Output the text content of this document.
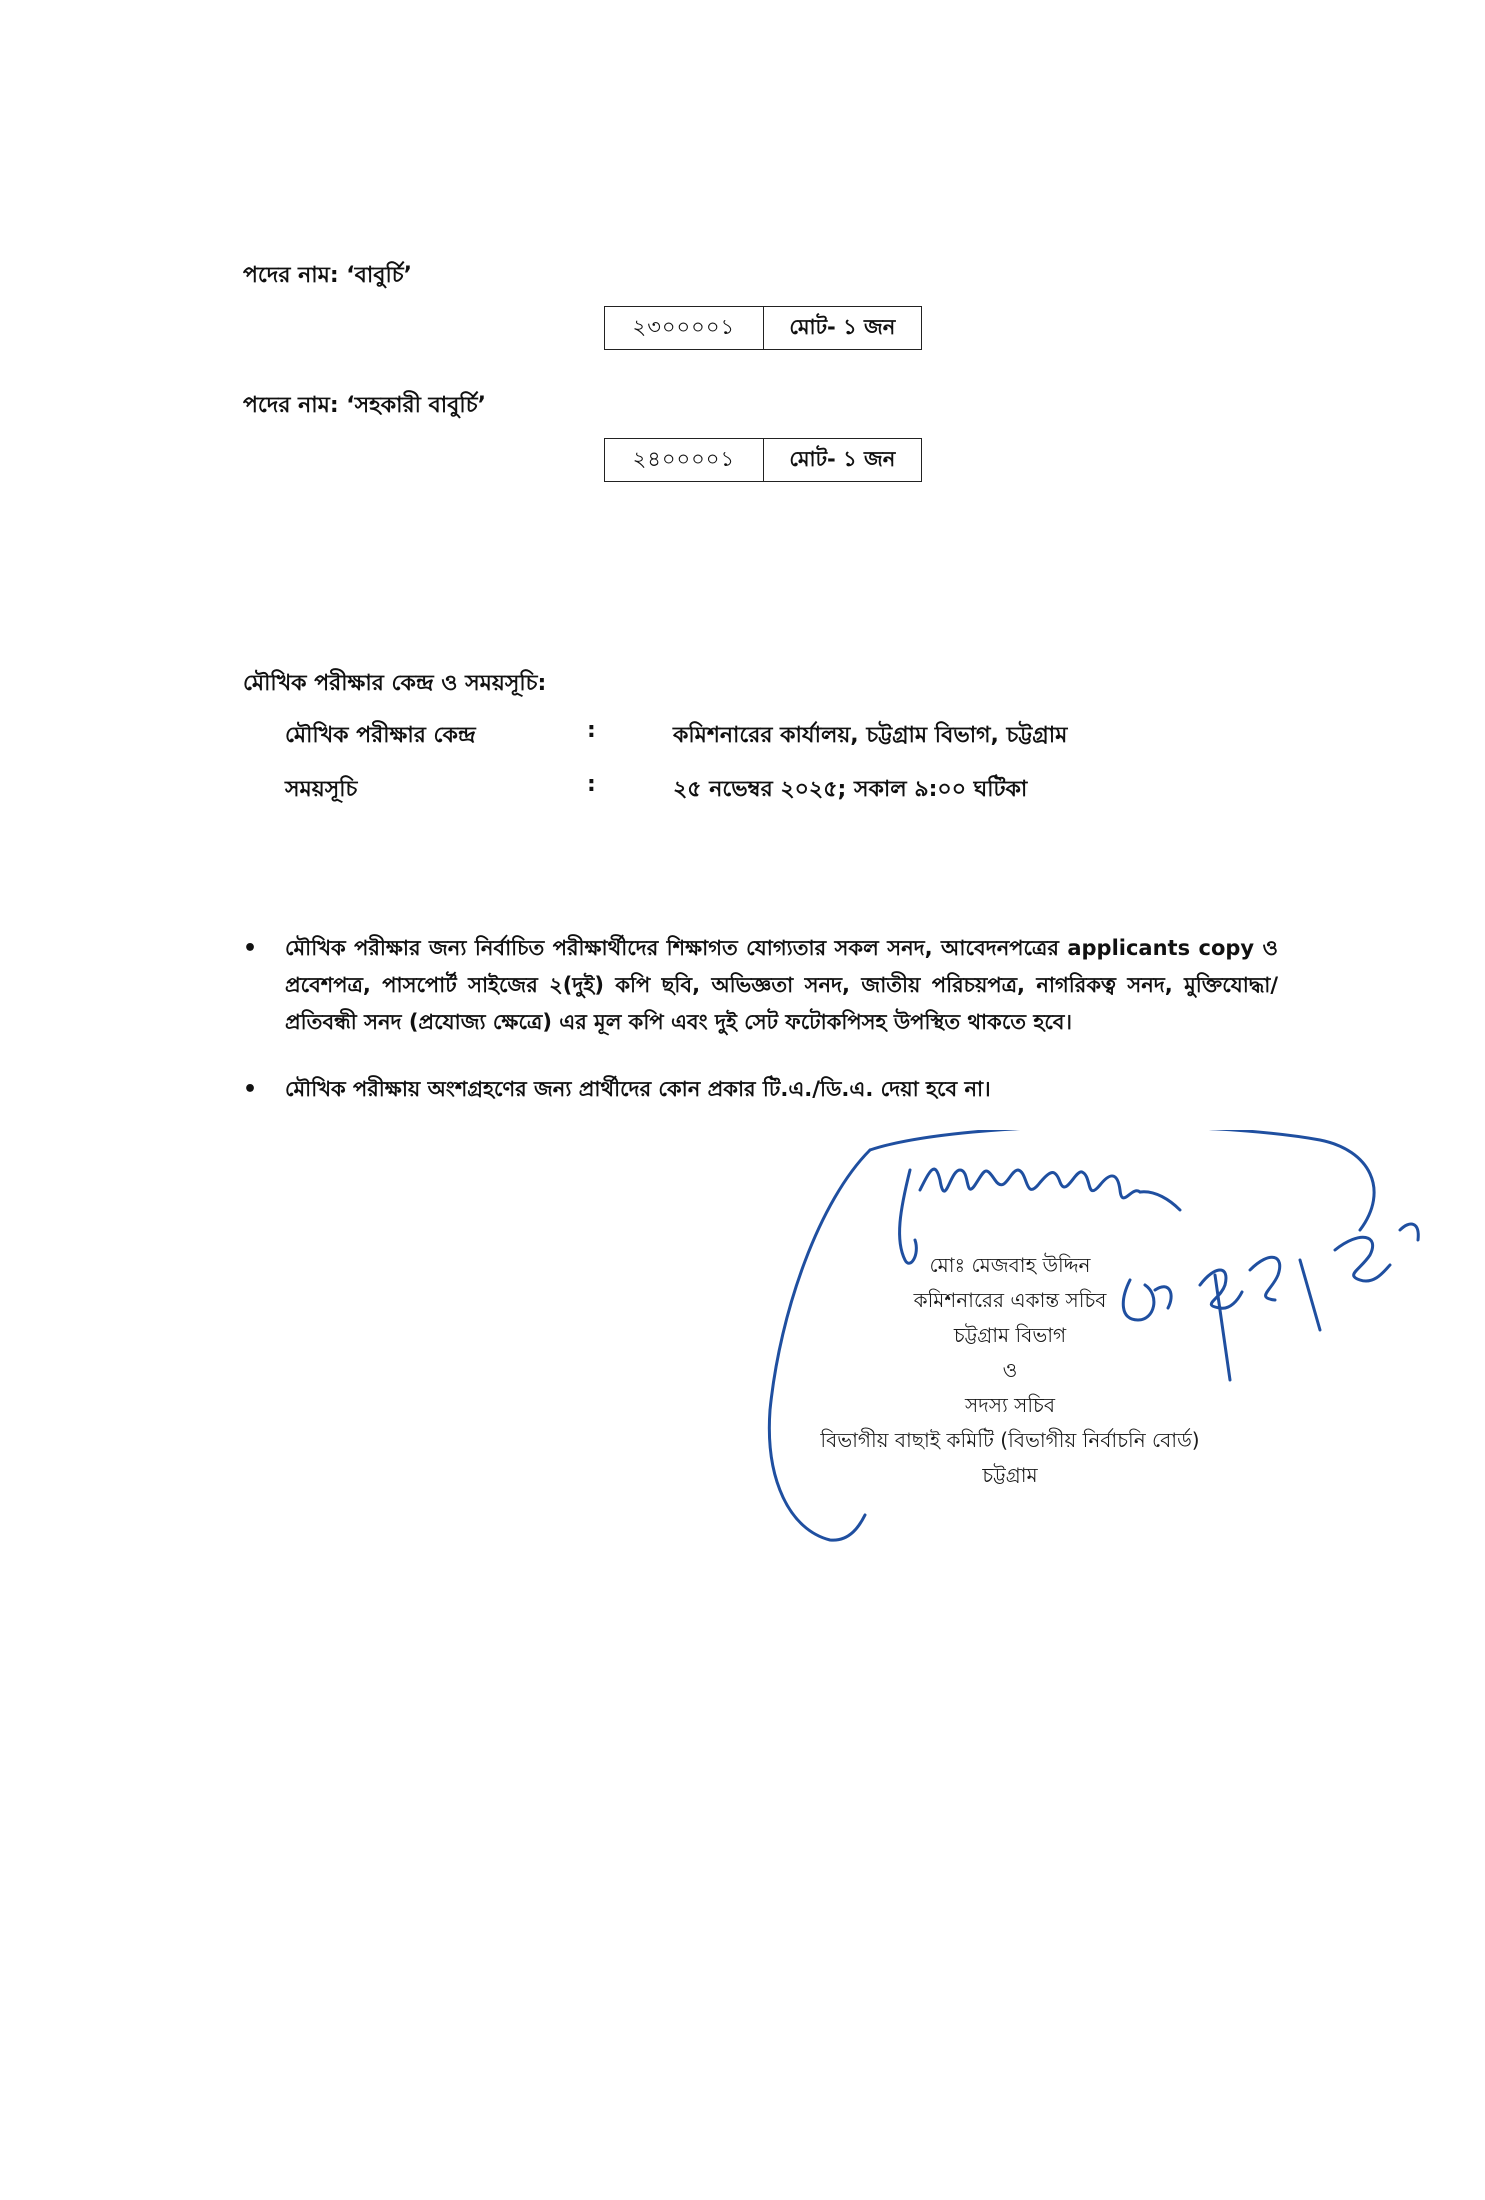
পদের নাম: ‘বাবুর্চি’
২৩০০০০১	মোট- ১ জন
পদের নাম: ‘সহকারী বাবুর্চি’
২৪০০০০১	মোট- ১ জন
মৌখিক পরীক্ষার কেন্দ্র ও সময়সূচি:
মৌখিক পরীক্ষার কেন্দ্র	:	কমিশনারের কার্যালয়, চট্টগ্রাম বিভাগ, চট্টগ্রাম
সময়সূচি	:	২৫ নভেম্বর ২০২৫; সকাল ৯:০০ ঘটিকা
• মৌখিক পরীক্ষার জন্য নির্বাচিত পরীক্ষার্থীদের শিক্ষাগত যোগ্যতার সকল সনদ, আবেদনপত্রের applicants copy ও প্রবেশপত্র, পাসপোর্ট সাইজের ২(দুই) কপি ছবি, অভিজ্ঞতা সনদ, জাতীয় পরিচয়পত্র, নাগরিকত্ব সনদ, মুক্তিযোদ্ধা/ প্রতিবন্ধী সনদ (প্রযোজ্য ক্ষেত্রে) এর মূল কপি এবং দুই সেট ফটোকপিসহ উপস্থিত থাকতে হবে।
• মৌখিক পরীক্ষায় অংশগ্রহণের জন্য প্রার্থীদের কোন প্রকার টি.এ./ডি.এ. দেয়া হবে না।
মোঃ মেজবাহ উদ্দিন
কমিশনারের একান্ত সচিব
চট্টগ্রাম বিভাগ
ও
সদস্য সচিব
বিভাগীয় বাছাই কমিটি (বিভাগীয় নির্বাচনি বোর্ড)
চট্টগ্রাম
